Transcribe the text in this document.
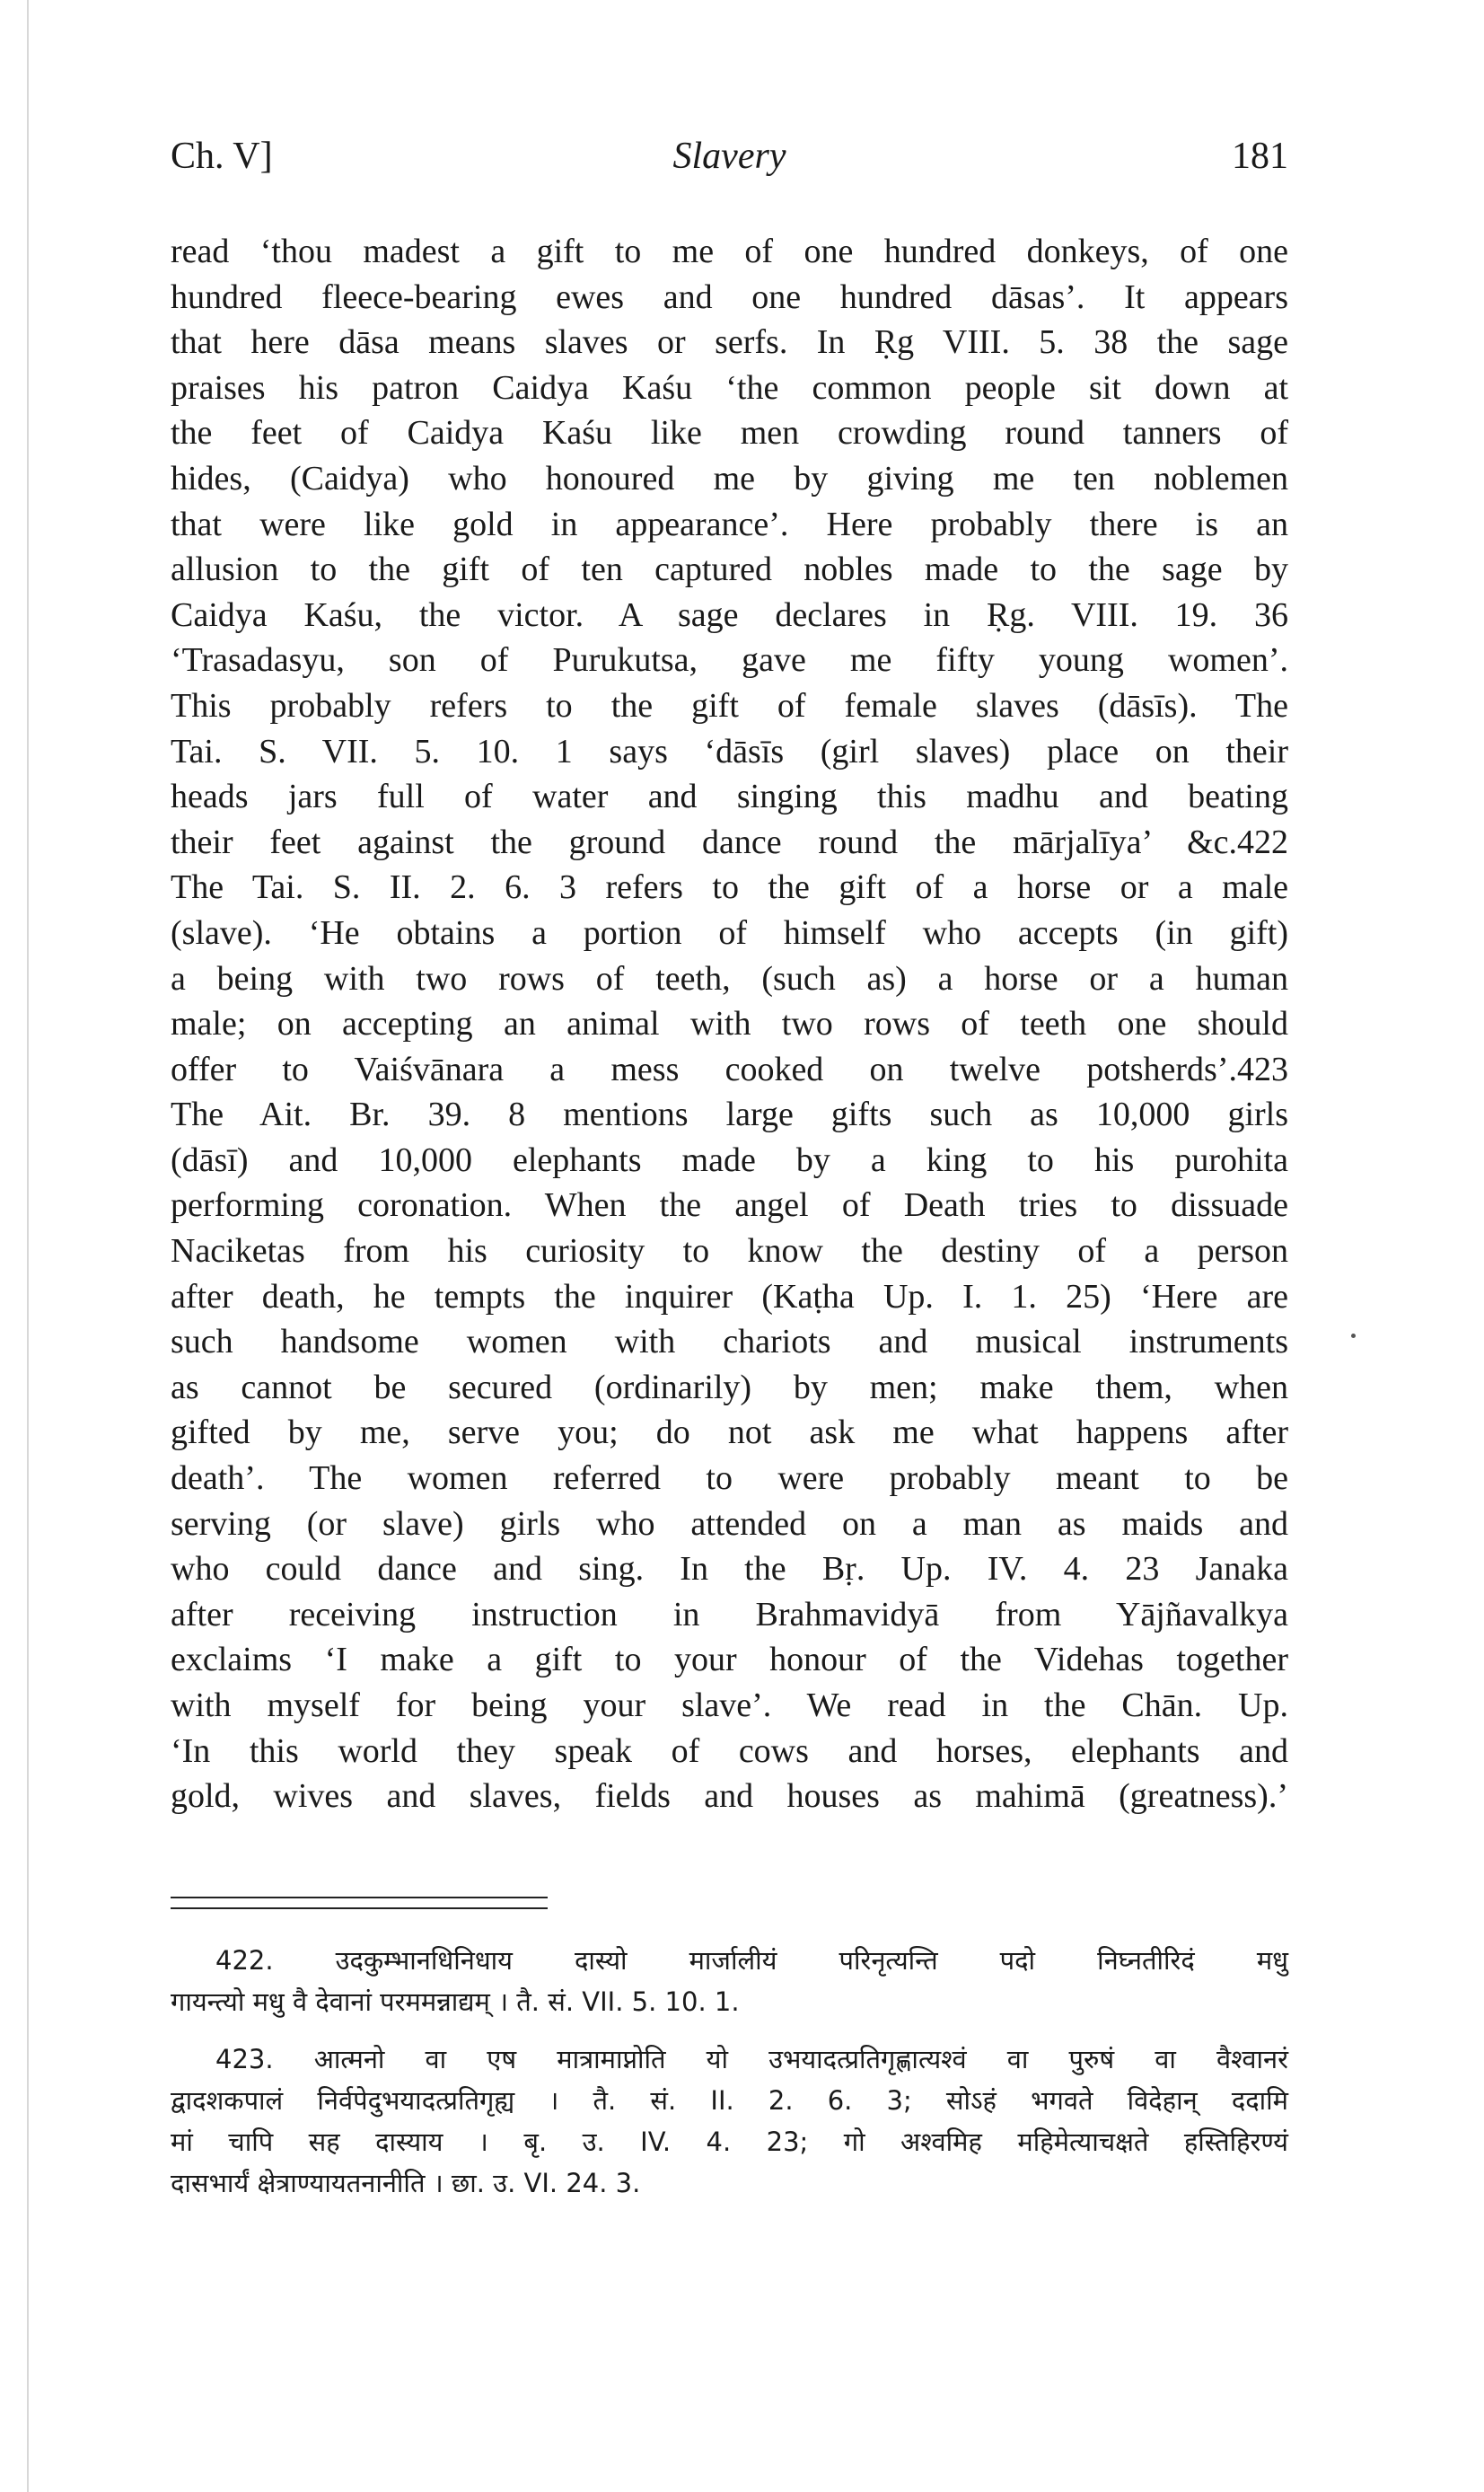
Ch. V]	Slavery	181
read ‘thou madest a gift to me of one hundred donkeys, of one
hundred fleece-bearing ewes and one hundred dāsas’. It appears
that here dāsa means slaves or serfs. In Ṛg VIII. 5. 38 the sage
praises his patron Caidya Kaśu ‘the common people sit down at
the feet of Caidya Kaśu like men crowding round tanners of
hides, (Caidya) who honoured me by giving me ten noblemen
that were like gold in appearance’. Here probably there is an
allusion to the gift of ten captured nobles made to the sage by
Caidya Kaśu, the victor. A sage declares in Ṛg. VIII. 19. 36
‘Trasadasyu, son of Purukutsa, gave me fifty young women’.
This probably refers to the gift of female slaves (dāsīs). The
Tai. S. VII. 5. 10. 1 says ‘dāsīs (girl slaves) place on their
heads jars full of water and singing this madhu and beating
their feet against the ground dance round the mārjalīya’ &c.422
The Tai. S. II. 2. 6. 3 refers to the gift of a horse or a male
(slave). ‘He obtains a portion of himself who accepts (in gift)
a being with two rows of teeth, (such as) a horse or a human
male; on accepting an animal with two rows of teeth one should
offer to Vaiśvānara a mess cooked on twelve potsherds’.423
The Ait. Br. 39. 8 mentions large gifts such as 10,000 girls
(dāsī) and 10,000 elephants made by a king to his purohita
performing coronation. When the angel of Death tries to dissuade
Naciketas from his curiosity to know the destiny of a person
after death, he tempts the inquirer (Kaṭha Up. I. 1. 25) ‘Here are
such handsome women with chariots and musical instruments
as cannot be secured (ordinarily) by men; make them, when
gifted by me, serve you; do not ask me what happens after
death’. The women referred to were probably meant to be
serving (or slave) girls who attended on a man as maids and
who could dance and sing. In the Bṛ. Up. IV. 4. 23 Janaka
after receiving instruction in Brahmavidyā from Yājñavalkya
exclaims ‘I make a gift to your honour of the Videhas together
with myself for being your slave’. We read in the Chān. Up.
‘In this world they speak of cows and horses, elephants and
gold, wives and slaves, fields and houses as mahimā (greatness).’
422. उदकुम्भानधिनिधाय दास्यो मार्जालीयं परिनृत्यन्ति पदो निघ्नतीरिदं मधु
गायन्त्यो मधु वै देवानां परममन्नाद्यम् । तै. सं. VII. 5. 10. 1.
423. आत्मनो वा एष मात्रामाप्नोति यो उभयादत्प्रतिगृह्णात्यश्वं वा पुरुषं वा वैश्वानरं
द्वादशकपालं निर्वपेदुभयादत्प्रतिगृह्य । तै. सं. II. 2. 6. 3; सोऽहं भगवते विदेहान् ददामि
मां चापि सह दास्याय । बृ. उ. IV. 4. 23; गो अश्वमिह महिमेत्याचक्षते हस्तिहिरण्यं
दासभार्यं क्षेत्राण्यायतनानीति । छा. उ. VI. 24. 3.
